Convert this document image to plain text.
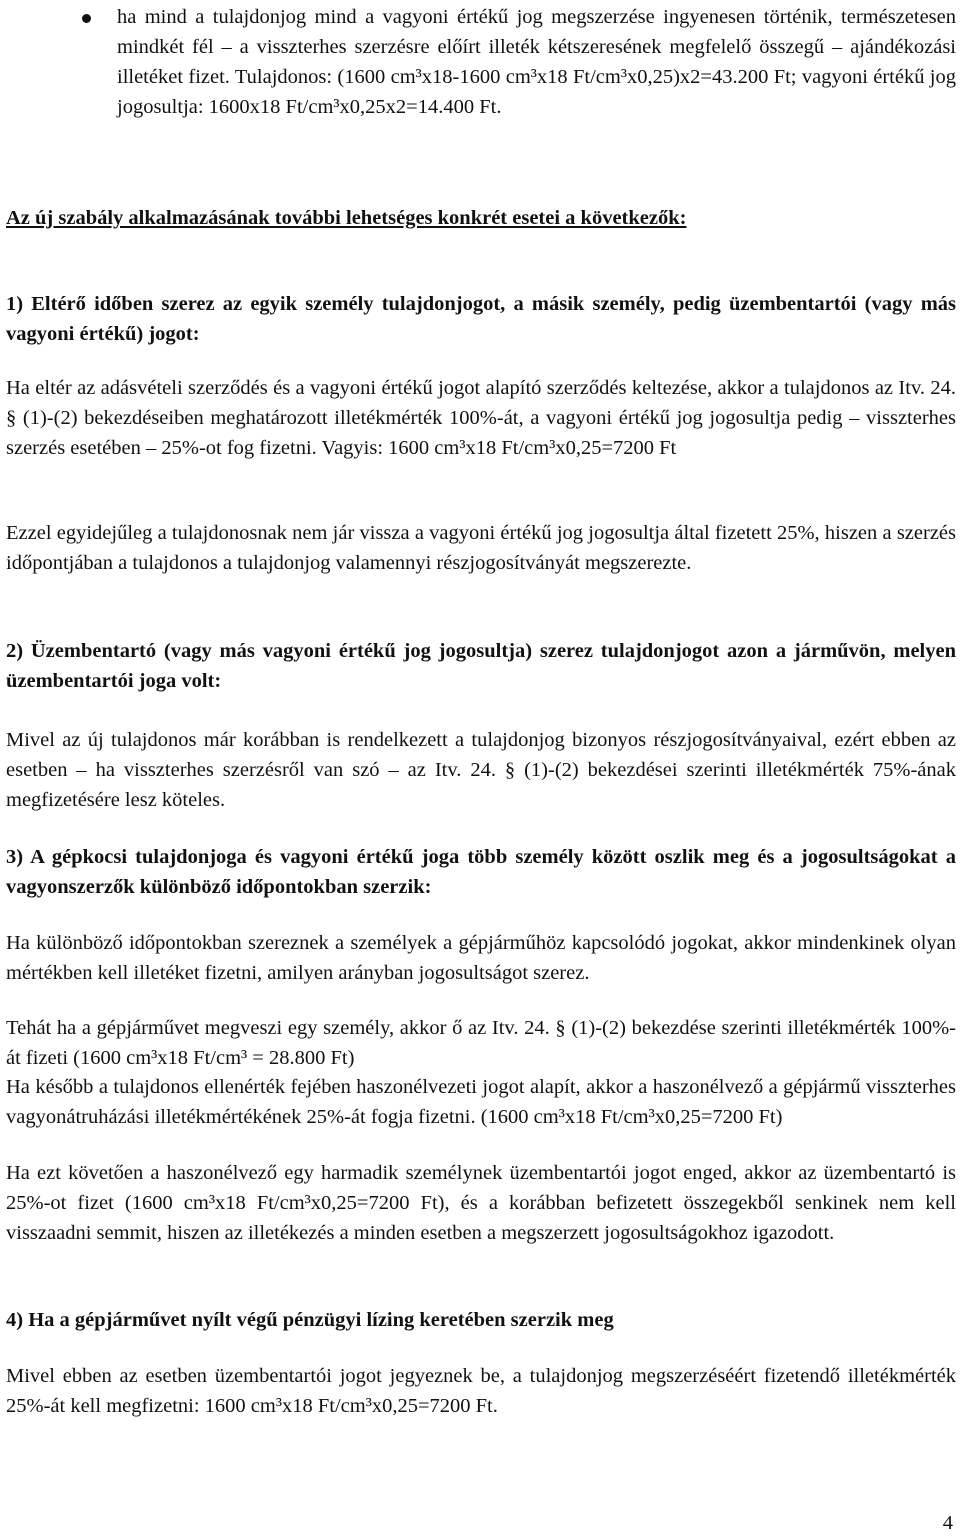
ha mind a tulajdonjog mind a vagyoni értékű jog megszerzése ingyenesen történik, természetesen mindkét fél – a visszterhes szerzésre előírt illeték kétszeresének megfelelő összegű – ajándékozási illetéket fizet. Tulajdonos: (1600 cm³x18-1600 cm³x18 Ft/cm³x0,25)x2=43.200 Ft; vagyoni értékű jog jogosultja: 1600x18 Ft/cm³x0,25x2=14.400 Ft.

Az új szabály alkalmazásának további lehetséges konkrét esetei a következők:

1) Eltérő időben szerez az egyik személy tulajdonjogot, a másik személy, pedig üzembentartói (vagy más vagyoni értékű) jogot:

Ha eltér az adásvételi szerződés és a vagyoni értékű jogot alapító szerződés keltezése, akkor a tulajdonos az Itv. 24. § (1)-(2) bekezdéseiben meghatározott illetékmérték 100%-át, a vagyoni értékű jog jogosultja pedig – visszterhes szerzés esetében – 25%-ot fog fizetni. Vagyis: 1600 cm³x18 Ft/cm³x0,25=7200 Ft

Ezzel egyidejűleg a tulajdonosnak nem jár vissza a vagyoni értékű jog jogosultja által fizetett 25%, hiszen a szerzés időpontjában a tulajdonos a tulajdonjog valamennyi részjogosítványát megszerezte.

2) Üzembentartó (vagy más vagyoni értékű jog jogosultja) szerez tulajdonjogot azon a járművön, melyen üzembentartói joga volt:

Mivel az új tulajdonos már korábban is rendelkezett a tulajdonjog bizonyos részjogosítványaival, ezért ebben az esetben – ha visszterhes szerzésről van szó – az Itv. 24. § (1)-(2) bekezdései szerinti illetékmérték 75%-ának megfizetésére lesz köteles.

3) A gépkocsi tulajdonjoga és vagyoni értékű joga több személy között oszlik meg és a jogosultságokat a vagyonszerzők különböző időpontokban szerzik:

Ha különböző időpontokban szereznek a személyek a gépjárműhöz kapcsolódó jogokat, akkor mindenkinek olyan mértékben kell illetéket fizetni, amilyen arányban jogosultságot szerez.

Tehát ha a gépjárművet megveszi egy személy, akkor ő az Itv. 24. § (1)-(2) bekezdése szerinti illetékmérték 100%-át fizeti (1600 cm³x18 Ft/cm³ = 28.800 Ft)

Ha később a tulajdonos ellenérték fejében haszonélvezeti jogot alapít, akkor a haszonélvező a gépjármű visszterhes vagyonátruházási illetékmértékének 25%-át fogja fizetni. (1600 cm³x18 Ft/cm³x0,25=7200 Ft)

Ha ezt követően a haszonélvező egy harmadik személynek üzembentartói jogot enged, akkor az üzembentartó is 25%-ot fizet (1600 cm³x18 Ft/cm³x0,25=7200 Ft), és a korábban befizetett összegekből senkinek nem kell visszaadni semmit, hiszen az illetékezés a minden esetben a megszerzett jogosultságokhoz igazodott.

4) Ha a gépjárművet nyílt végű pénzügyi lízing keretében szerzik meg

Mivel ebben az esetben üzembentartói jogot jegyeznek be, a tulajdonjog megszerzéséért fizetendő illetékmérték 25%-át kell megfizetni: 1600 cm³x18 Ft/cm³x0,25=7200 Ft.

4
